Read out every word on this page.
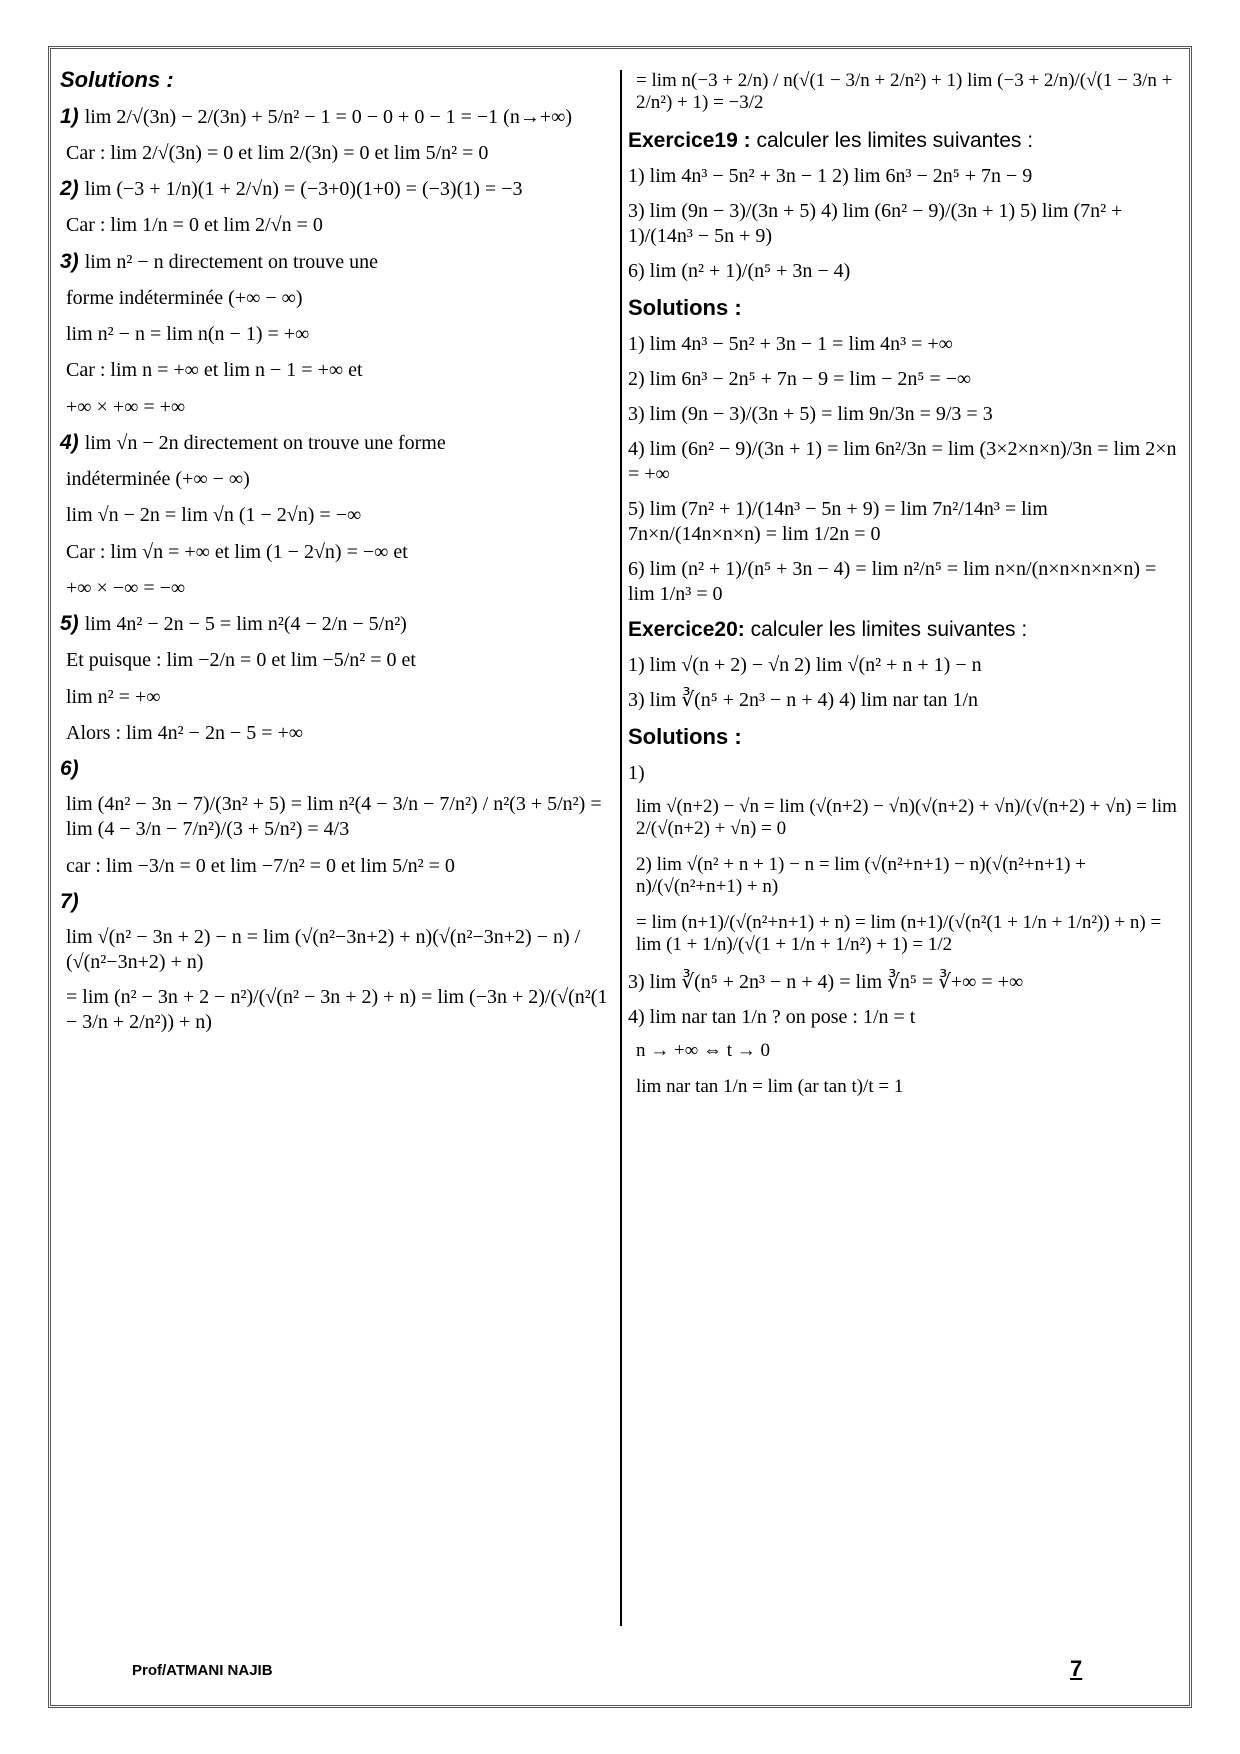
Solutions :
1) lim 2/√(3n) − 2/(3n) + 5/n² − 1 = 0 − 0 + 0 − 1 = −1 (n→+∞)
Car : lim 2/√(3n) = 0 et lim 2/(3n) = 0 et lim 5/n² = 0
2) lim (−3 + 1/n)(1 + 2/√n) = (−3+0)(1+0) = (−3)(1) = −3
Car : lim 1/n = 0 et lim 2/√n = 0
3) lim n² − n directement on trouve une
forme indéterminée (+∞ − ∞)
lim n² − n = lim n(n − 1) = +∞
Car : lim n = +∞ et lim n − 1 = +∞ et
+∞ × +∞ = +∞
4) lim √n − 2n directement on trouve une forme
indéterminée (+∞ − ∞)
lim √n − 2n = lim √n (1 − 2√n) = −∞
Car : lim √n = +∞ et lim (1 − 2√n) = −∞ et
+∞ × −∞ = −∞
5) lim 4n² − 2n − 5 = lim n²(4 − 2/n − 5/n²)
Et puisque : lim −2/n = 0 et lim −5/n² = 0 et
lim n² = +∞
Alors : lim 4n² − 2n − 5 = +∞
6)
lim (4n² − 3n − 7)/(3n² + 5) = lim n²(4 − 3/n − 7/n²) / n²(3 + 5/n²) = lim (4 − 3/n − 7/n²)/(3 + 5/n²) = 4/3
car : lim −3/n = 0 et lim −7/n² = 0 et lim 5/n² = 0
7)
lim √(n² − 3n + 2) − n = lim (√(n²−3n+2) + n)(√(n²−3n+2) − n) / (√(n²−3n+2) + n)
= lim (n² − 3n + 2 − n²)/(√(n² − 3n + 2) + n) = lim (−3n + 2)/(√(n²(1 − 3/n + 2/n²)) + n)
= lim n(−3 + 2/n) / n(√(1 − 3/n + 2/n²) + 1) lim (−3 + 2/n)/(√(1 − 3/n + 2/n²) + 1) = −3/2
Exercice19 : calculer les limites suivantes :
1) lim 4n³ − 5n² + 3n − 1 2) lim 6n³ − 2n⁵ + 7n − 9
3) lim (9n − 3)/(3n + 5) 4) lim (6n² − 9)/(3n + 1) 5) lim (7n² + 1)/(14n³ − 5n + 9)
6) lim (n² + 1)/(n⁵ + 3n − 4)
Solutions :
1) lim 4n³ − 5n² + 3n − 1 = lim 4n³ = +∞
2) lim 6n³ − 2n⁵ + 7n − 9 = lim − 2n⁵ = −∞
3) lim (9n − 3)/(3n + 5) = lim 9n/3n = 9/3 = 3
4) lim (6n² − 9)/(3n + 1) = lim 6n²/3n = lim (3×2×n×n)/3n = lim 2×n = +∞
5) lim (7n² + 1)/(14n³ − 5n + 9) = lim 7n²/14n³ = lim 7n×n/(14n×n×n) = lim 1/2n = 0
6) lim (n² + 1)/(n⁵ + 3n − 4) = lim n²/n⁵ = lim n×n/(n×n×n×n×n) = lim 1/n³ = 0
Exercice20: calculer les limites suivantes :
1) lim √(n + 2) − √n 2) lim √(n² + n + 1) − n
3) lim ∛(n⁵ + 2n³ − n + 4) 4) lim nar tan 1/n
Solutions :
1)
lim √(n+2) − √n = lim (√(n+2) − √n)(√(n+2) + √n)/(√(n+2) + √n) = lim 2/(√(n+2) + √n) = 0
2) lim √(n² + n + 1) − n = lim (√(n²+n+1) − n)(√(n²+n+1) + n)/(√(n²+n+1) + n)
= lim (n+1)/(√(n²+n+1) + n) = lim (n+1)/(√(n²(1 + 1/n + 1/n²)) + n) = lim (1 + 1/n)/(√(1 + 1/n + 1/n²) + 1) = 1/2
3) lim ∛(n⁵ + 2n³ − n + 4) = lim ∛n⁵ = ∛+∞ = +∞
4) lim nar tan 1/n ? on pose : 1/n = t
n → +∞ ⇔ t → 0
lim nar tan 1/n = lim (ar tan t)/t = 1
Prof/ATMANI NAJIB	7
